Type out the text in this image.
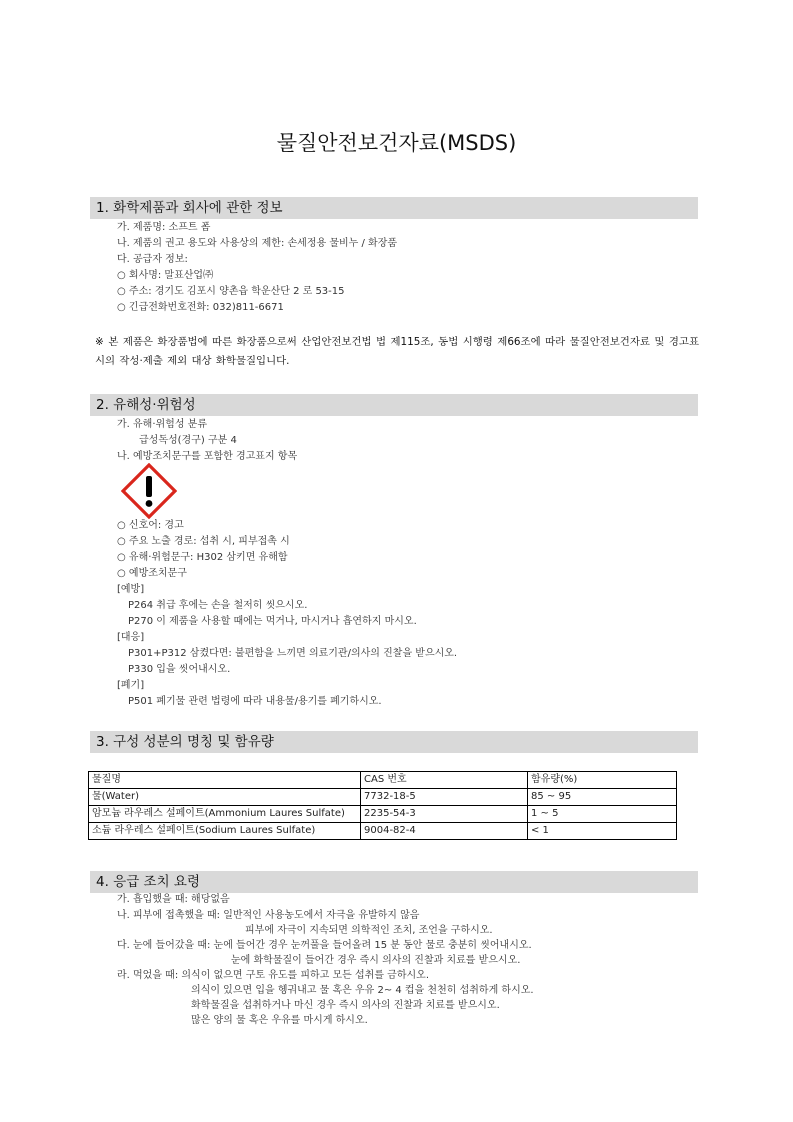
물질안전보건자료(MSDS)
1. 화학제품과 회사에 관한 정보
가. 제품명: 소프트 폼
나. 제품의 권고 용도와 사용상의 제한: 손세정용 물비누 / 화장품
다. 공급자 정보:
○ 회사명: 말표산업㈜
○ 주소: 경기도 김포시 양촌읍 학운산단 2 로 53-15
○ 긴급전화번호전화: 032)811-6671
※ 본 제품은 화장품법에 따른 화장품으로써 산업안전보건법 법 제115조, 동법 시행령 제66조에 따라 물질안전보건자료 및 경고표시의 작성·제출 제외 대상 화학물질입니다.
2. 유해성·위험성
가. 유해·위험성 분류
급성독성(경구) 구분 4
나. 예방조치문구를 포함한 경고표지 항목
○ 신호어: 경고
○ 주요 노출 경로: 섭취 시, 피부접촉 시
○ 유해·위험문구: H302 삼키면 유해함
○ 예방조치문구
[예방]
P264 취급 후에는 손을 철저히 씻으시오.
P270 이 제품을 사용할 때에는 먹거나, 마시거나 흡연하지 마시오.
[대응]
P301+P312 삼켰다면: 불편함을 느끼면 의료기관/의사의 진찰을 받으시오.
P330 입을 씻어내시오.
[폐기]
P501 폐기물 관련 법령에 따라 내용물/용기를 폐기하시오.
3. 구성 성분의 명칭 및 함유량
물질명	CAS 번호	함유량(%)
물(Water)	7732-18-5	85 ~ 95
암모늄 라우레스 설페이트(Ammonium Laures Sulfate)	2235-54-3	1 ~ 5
소듐 라우레스 설페이트(Sodium Laures Sulfate)	9004-82-4	< 1
4. 응급 조치 요령
가. 흡입했을 때: 해당없음
나. 피부에 접촉했을 때: 일반적인 사용농도에서 자극을 유발하지 않음
피부에 자극이 지속되면 의학적인 조치, 조언을 구하시오.
다. 눈에 들어갔을 때: 눈에 들어간 경우 눈꺼풀을 들어올려 15 분 동안 물로 충분히 씻어내시오.
눈에 화학물질이 들어간 경우 즉시 의사의 진찰과 치료를 받으시오.
라. 먹었을 때: 의식이 없으면 구토 유도를 피하고 모든 섭취를 금하시오.
의식이 있으면 입을 헹궈내고 물 혹은 우유 2~ 4 컵을 천천히 섭취하게 하시오.
화학물질을 섭취하거나 마신 경우 즉시 의사의 진찰과 치료를 받으시오.
많은 양의 물 혹은 우유를 마시게 하시오.
